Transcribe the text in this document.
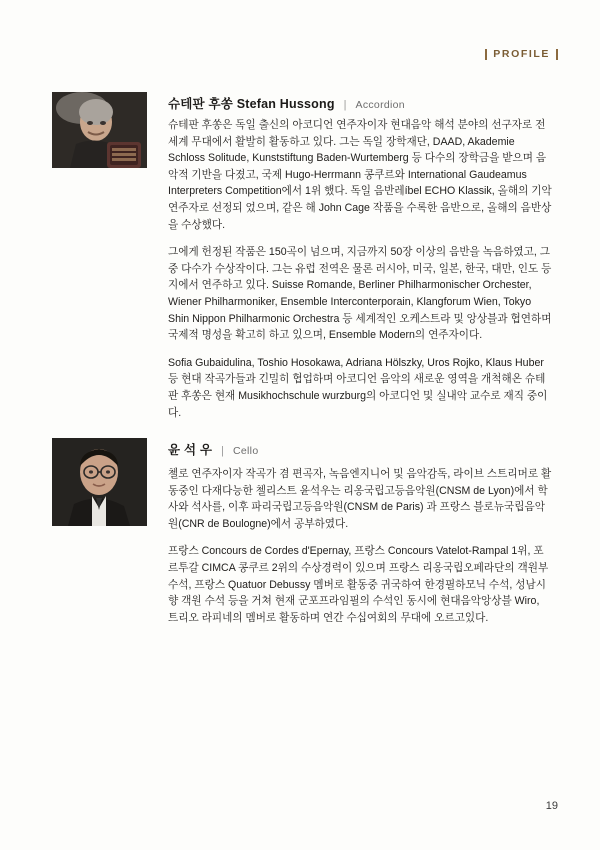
PROFILE
슈테판 후쏭 Stefan Hussong | Accordion

슈테판 후쏭은 독일 출신의 아코디언 연주자이자 현대음악 해석 분야의 선구자로 전 세계 무대에서 활발히 활동하고 있다. 그는 독일 장학재단, DAAD, Akademie Schloss Solitude, Kunststiftung Baden-Wurtemberg 등 다수의 장학금을 받으며 음악적 기반을 다졌고, 국제 Hugo-Herrmann 콩쿠르와 International Gaudeamus Interpreters Competition에서 1위 했다. 독일 음반레íbel ECHO Klassik, 올해의 기악 연주자로 선정되 었으며, 같은 해 John Cage 작품을 수록한 음반으로, 올해의 음반상을 수상했다.

그에게 헌정된 작품은 150곡이 넘으며, 지금까지 50장 이상의 음반을 녹음하였고, 그 중 다수가 수상작이다. 그는 유럽 전역은 물론 러시아, 미국, 일본, 한국, 대만, 인도 등지에서 연주하고 있다. Suisse Romande, Berliner Philharmonischer Orchester, Wiener Philharmoniker, Ensemble Interconterporain, Klangforum Wien, Tokyo Shin Nippon Philharmonic Orchestra 등 세계적인 오케스트라 및 앙상블과 협연하며 국제적 명성을 확고히 하고 있으며, Ensemble Modern의 연주자이다.

Sofia Gubaidulina, Toshio Hosokawa, Adriana Hölszky, Uros Rojko, Klaus Huber 등 현대 작곡가들과 긴밀히 협업하며 아코디언 음악의 새로운 영역을 개척해온 슈테판 후쏭은 현재 Musikhochschule wurzburg의 아코디언 및 실내악 교수로 재직 중이다.

윤 석 우 | Cello

첼로 연주자이자 작곡가 겸 편곡자, 녹음엔지니어 및 음악감독, 라이브 스트리머로 활동중인 다재다능한 첼리스트 윤석우는 리옹국립고등음악원(CNSM de Lyon)에서 학사와 석사를, 이후 파리국립고등음악원(CNSM de Paris) 과 프랑스 블로뉴국립음악원(CNR de Boulogne)에서 공부하였다.

프랑스 Concours de Cordes d'Epernay, 프랑스 Concours Vatelot-Rampal 1위, 포르투갈 CIMCA 콩쿠르 2위의 수상경력이 있으며 프랑스 리옹국립오페라단의 객원부수석, 프랑스 Quatuor Debussy 멤버로 활동중 귀국하여 한경필하모닉 수석, 성남시향 객원 수석 등을 거쳐 현재 군포프라임필의 수석인 동시에 현대음악앙상블 Wiro, 트리오 라피네의 멤버로 활동하며 연간 수십여회의 무대에 오르고있다.

19
